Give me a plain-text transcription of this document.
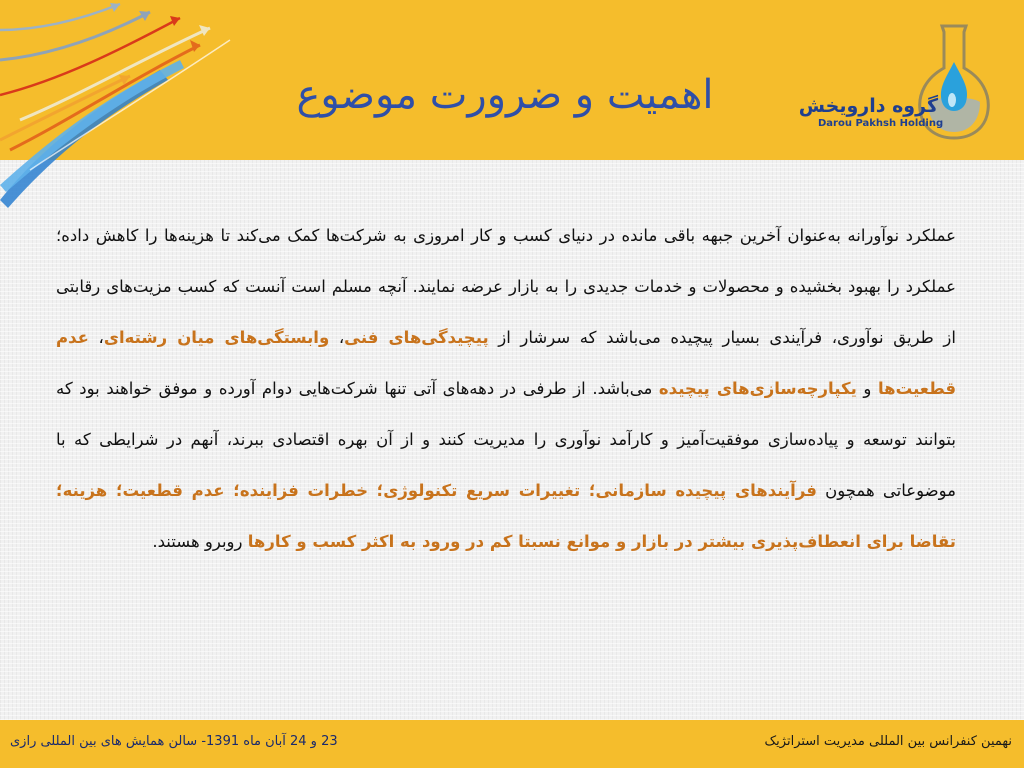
اهمیت و ضرورت موضوع	گروه دارویخش
Darou Pakhsh Holding
عملکرد نوآورانه به‌عنوان آخرین جبهه باقی مانده در دنیای کسب و کار امروزی به شرکت‌ها کمک می‌کند تا هزینه‌ها را کاهش داده؛ عملکرد را بهبود بخشیده و محصولات و خدمات جدیدی را به بازار عرضه نمایند. آنچه مسلم است آنست که کسب مزیت‌های رقابتی از طریق نوآوری، فرآیندی بسیار پیچیده می‌باشد که سرشار از پیچیدگی‌های فنی، وابستگی‌های میان رشته‌ای، عدم قطعیت‌ها و یکپارچه‌سازی‌های پیچیده می‌باشد. از طرفی در دهه‌های آتی تنها شرکت‌هایی دوام آورده و موفق خواهند بود که بتوانند توسعه و پیاده‌سازی موفقیت‌آمیز و کارآمد نوآوری را مدیریت کنند و از آن بهره اقتصادی ببرند، آنهم در شرایطی که با موضوعاتی همچون فرآیندهای پیچیده سازمانی؛ تغییرات سریع تکنولوژی؛ خطرات فزاینده؛ عدم قطعیت؛ هزینه؛ تقاضا برای انعطاف‌پذیری بیشتر در بازار و موانع نسبتا کم در ورود به اکثر کسب و کارها روبرو هستند.
23 و 24 آبان ماه 1391- سالن همایش های بین المللی رازی	نهمین کنفرانس بین المللی مدیریت استراتژیک
